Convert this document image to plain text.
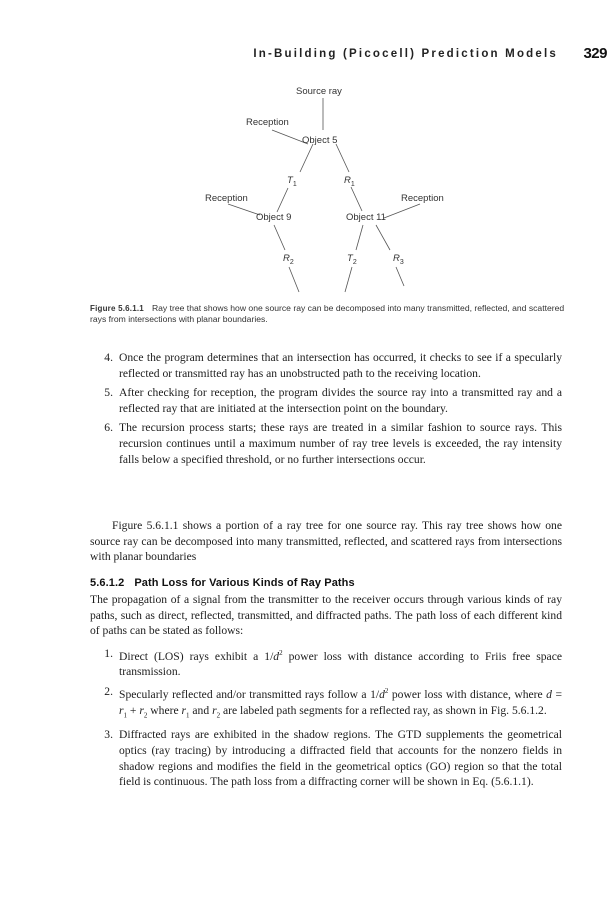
In-Building (Picocell) Prediction Models 329
Source ray
Reception
Object 5
$T_1$	$R_1$
Reception	Reception
Object 9	Object 11
$R_2$	$T_2$	$R_3$
Figure 5.6.1.1 Ray tree that shows how one source ray can be decomposed into many transmitted, reflected, and scattered rays from intersections with planar boundaries.
4. Once the program determines that an intersection has occurred, it checks to see if a specularly reflected or transmitted ray has an unobstructed path to the receiving location.
5. After checking for reception, the program divides the source ray into a transmitted ray and a reflected ray that are initiated at the intersection point on the boundary.
6. The recursion process starts; these rays are treated in a similar fashion to source rays. This recursion continues until a maximum number of ray tree levels is exceeded, the ray intensity falls below a specified threshold, or no further intersections occur.
Figure 5.6.1.1 shows a portion of a ray tree for one source ray. This ray tree shows how one source ray can be decomposed into many transmitted, reflected, and scattered rays from intersections with planar boundaries
5.6.1.2 Path Loss for Various Kinds of Ray Paths
The propagation of a signal from the transmitter to the receiver occurs through various kinds of ray paths, such as direct, reflected, transmitted, and diffracted paths. The path loss of each different kind of paths can be stated as follows:
1. Direct (LOS) rays exhibit a $1/d^2$ power loss with distance according to Friis free space transmission.
2. Specularly reflected and/or transmitted rays follow a $1/d^2$ power loss with distance, where $d = r_1 + r_2$ where $r_1$ and $r_2$ are labeled path segments for a reflected ray, as shown in Fig. 5.6.1.2.
3. Diffracted rays are exhibited in the shadow regions. The GTD supplements the geometrical optics (ray tracing) by introducing a diffracted field that accounts for the nonzero fields in shadow regions and modifies the field in the geometrical optics (GO) region so that the total field is continuous. The path loss from a diffracting corner will be shown in Eq. (5.6.1.1).
